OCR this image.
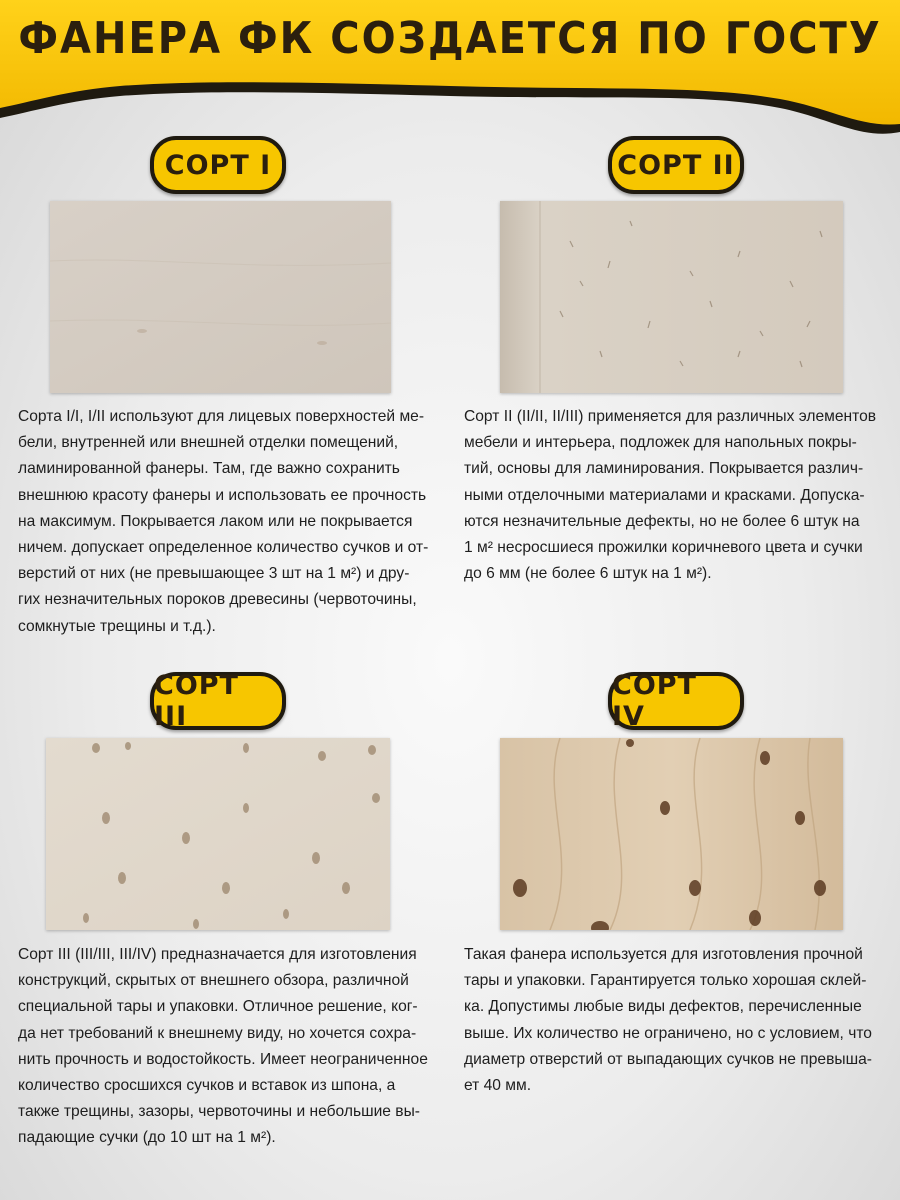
ФАНЕРА ФК СОЗДАЕТСЯ ПО ГОСТУ
СОРТ I

Сорта I/I, I/II используют для лицевых поверхностей ме-
бели, внутренней или внешней отделки помещений,
ламинированной фанеры. Там, где важно сохранить
внешнюю красоту фанеры и использовать ее прочность
на максимум. Покрывается лаком или не покрывается
ничем. допускает определенное количество сучков и от-
верстий от них (не превышающее 3 шт на 1 м²) и дру-
гих незначительных пороков древесины (червоточины,
сомкнутые трещины и т.д.).

СОРТ II

Сорт II (II/II, II/III) применяется для различных элементов
мебели и интерьера, подложек для напольных покры-
тий, основы для ламинирования. Покрывается различ-
ными отделочными материалами и красками. Допуска-
ются незначительные дефекты, но не более 6 штук на
1 м² несросшиеся прожилки коричневого цвета и сучки
до 6 мм (не более 6 штук на 1 м²).

СОРТ III

Сорт III (III/III, III/IV) предназначается для изготовления
конструкций, скрытых от внешнего обзора, различной
специальной тары и упаковки. Отличное решение, ког-
да нет требований к внешнему виду, но хочется сохра-
нить прочность и водостойкость. Имеет неограниченное
количество сросшихся сучков и вставок из шпона, а
также трещины, зазоры, червоточины и небольшие вы-
падающие сучки (до 10 шт на 1 м²).

СОРТ IV

Такая фанера используется для изготовления прочной
тары и упаковки. Гарантируется только хорошая склей-
ка. Допустимы любые виды дефектов, перечисленные
выше. Их количество не ограничено, но с условием, что
диаметр отверстий от выпадающих сучков не превыша-
ет 40 мм.
